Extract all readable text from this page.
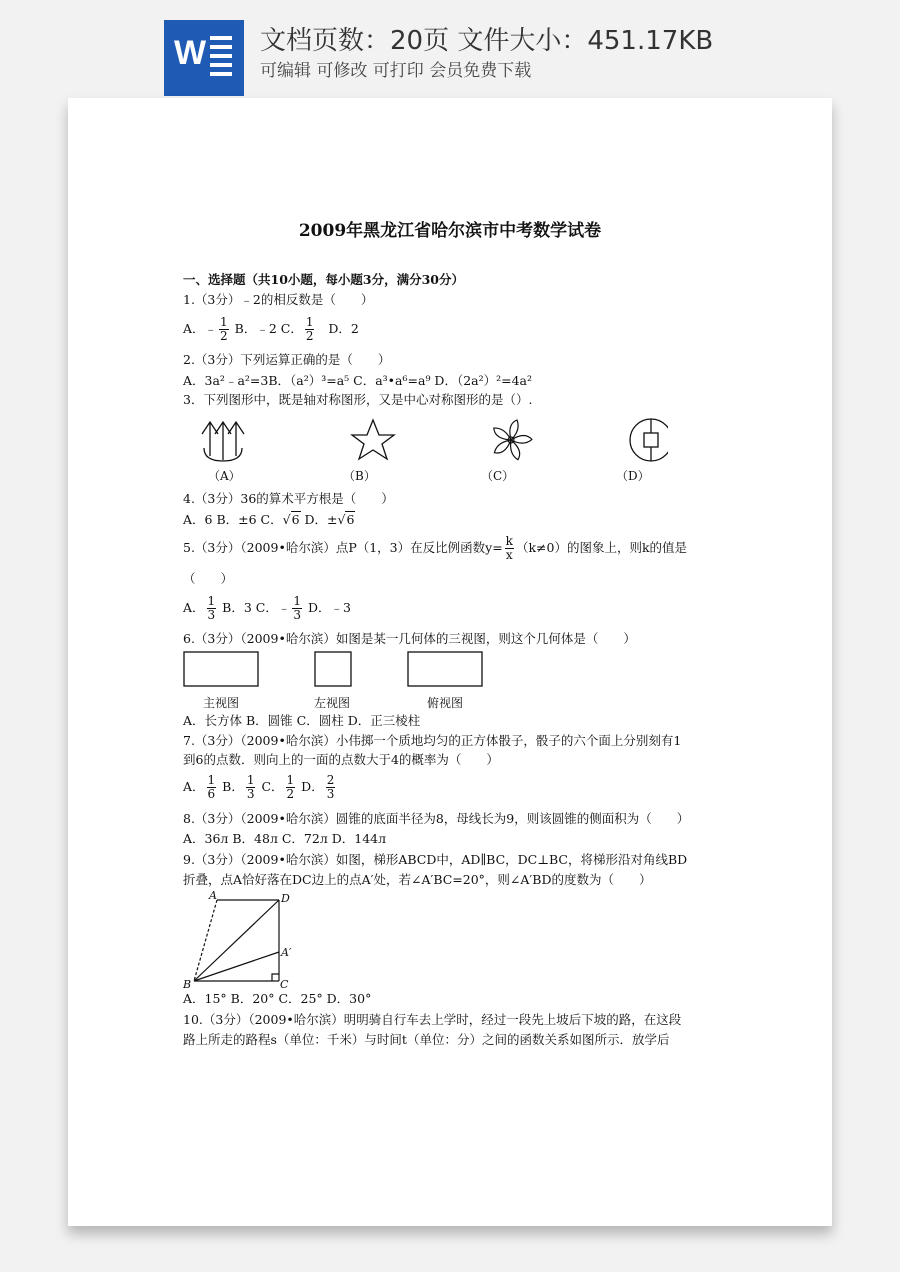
W 文档页数：20页 文件大小：451.17KB
可编辑 可修改 可打印 会员免费下载
2009年黑龙江省哈尔滨市中考数学试卷
一、选择题（共10小题，每小题3分，满分30分）
1.（3分）﹣2的相反数是（　　）
A．﹣ $\frac{1}{2}$ B．﹣2 C． $\frac{1}{2}$ D．2
2.（3分）下列运算正确的是（　　）
A．3a²﹣a²=3B．（a²）³=a⁵ C．a³•a⁶=a⁹ D．（2a²）²=4a²
3．下列图形中，既是轴对称图形，又是中心对称图形的是（）.
（A）	（B）	（C）	（D）
4.（3分）36的算术平方根是（　　）
A．6 B．±6 C．√6 D．±√6
5.（3分）（2009•哈尔滨）点P（1，3）在反比例函数$y= \frac{k}{x} (k\ne 0)$的图象上，则k的值是
（　　）
A． $\frac{1}{3}$ B．3 C．﹣ $\frac{1}{3}$ D．﹣3
6.（3分）（2009•哈尔滨）如图是某一几何体的三视图，则这个几何体是（　　）
主视图	左视图	俯视图
A．长方体 B．圆锥 C．圆柱 D．正三棱柱
7.（3分）（2009•哈尔滨）小伟掷一个质地均匀的正方体骰子，骰子的六个面上分别刻有1
到6的点数．则向上的一面的点数大于4的概率为（　　）
A． $\frac{1}{6}$ B． $\frac{1}{3}$ C． $\frac{1}{2}$ D． $\frac{2}{3}$
8.（3分）（2009•哈尔滨）圆锥的底面半径为8，母线长为9，则该圆锥的侧面积为（　　）
A．36л B．48л C．72л D．144л
9.（3分）（2009•哈尔滨）如图，梯形ABCD中，AD∥BC，DC⊥BC，将梯形沿对角线BD
折叠，点A恰好落在DC边上的点A′处，若∠A′BC=20°，则∠A′BD的度数为（　　）
A	D
A′
B	C
A．15° B．20° C．25° D．30°
10.（3分）（2009•哈尔滨）明明骑自行车去上学时，经过一段先上坡后下坡的路，在这段
路上所走的路程s（单位：千米）与时间t（单位：分）之间的函数关系如图所示．放学后
